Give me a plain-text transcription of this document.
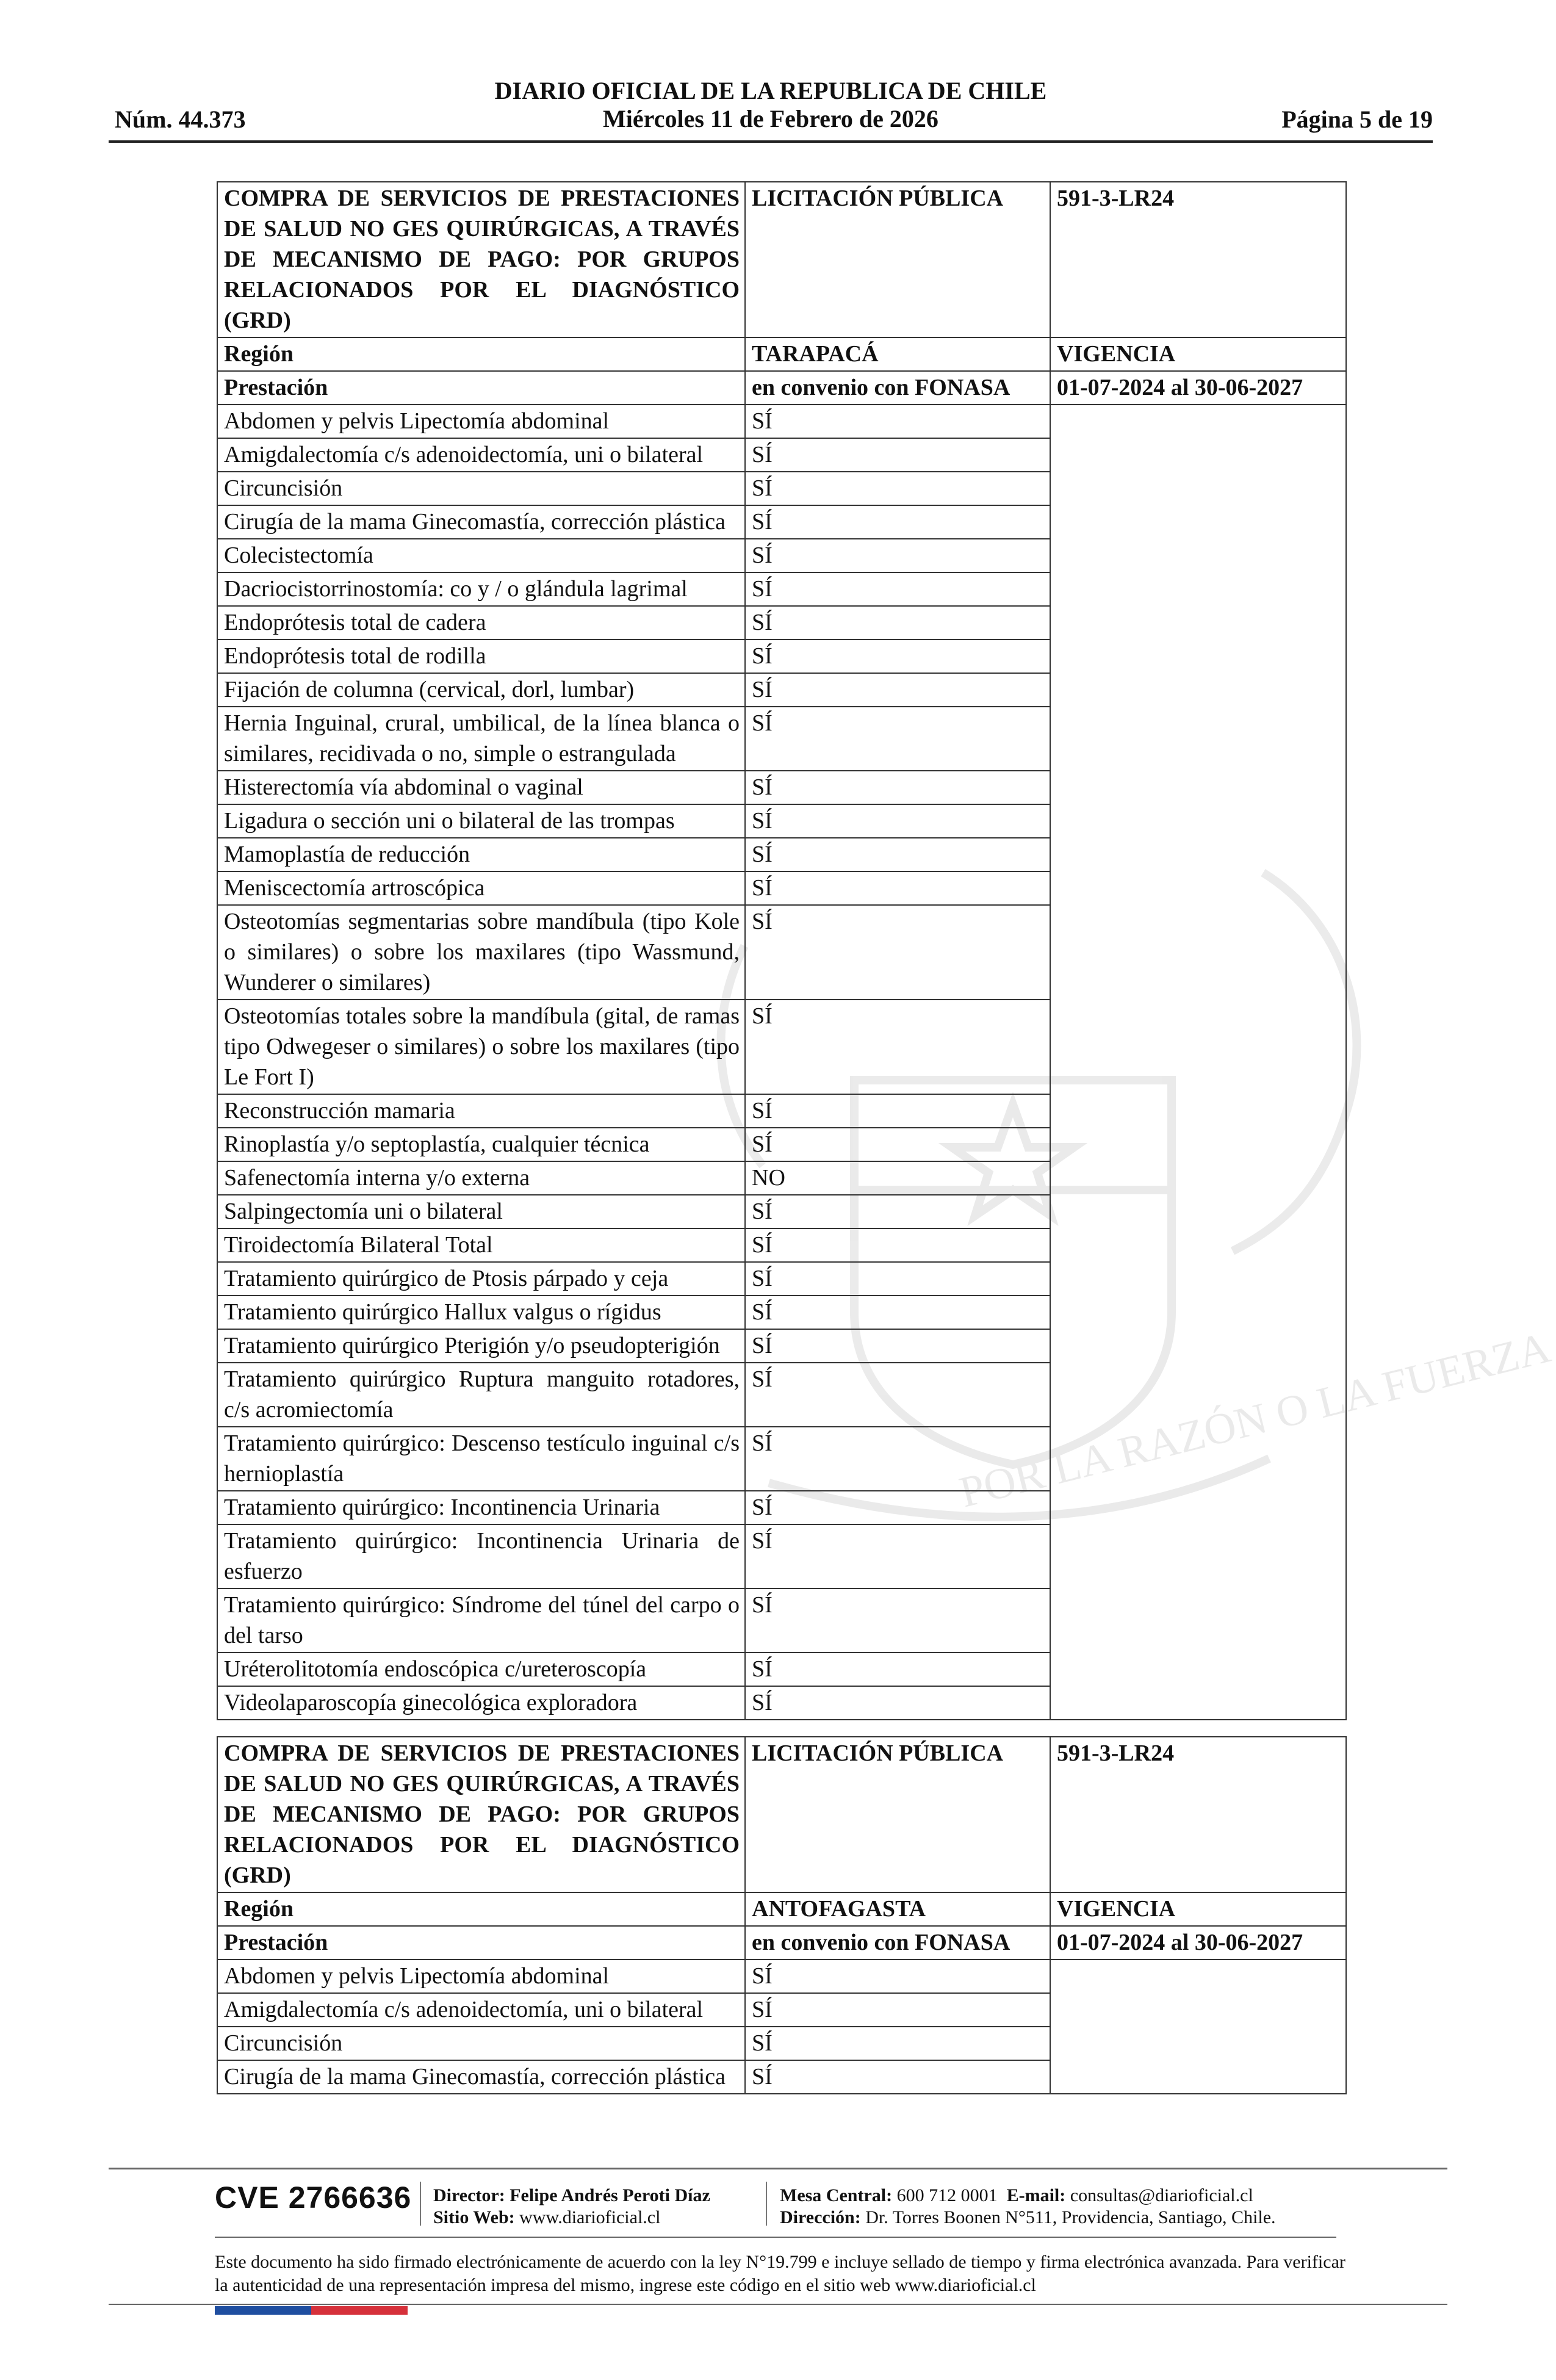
DIARIO OFICIAL DE LA REPUBLICA DE CHILE
Miércoles 11 de Febrero de 2026
Núm. 44.373	Página 5 de 19
POR LA RAZÓN O LA FUERZA
COMPRA DE SERVICIOS DE PRESTACIONES DE SALUD NO GES QUIRÚRGICAS, A TRAVÉS DE MECANISMO DE PAGO: POR GRUPOS RELACIONADOS POR EL DIAGNÓSTICO (GRD)	LICITACIÓN PÚBLICA	591-3-LR24
Región	TARAPACÁ	VIGENCIA
Prestación	en convenio con FONASA	01-07-2024 al 30-06-2027
Abdomen y pelvis Lipectomía abdominal	SÍ	
Amigdalectomía c/s adenoidectomía, uni o bilateral	SÍ	
Circuncisión	SÍ	
Cirugía de la mama Ginecomastía, corrección plástica	SÍ	
Colecistectomía	SÍ	
Dacriocistorrinostomía: co y / o glándula lagrimal	SÍ	
Endoprótesis total de cadera	SÍ	
Endoprótesis total de rodilla	SÍ	
Fijación de columna (cervical, dorl, lumbar)	SÍ	
Hernia Inguinal, crural, umbilical, de la línea blanca o similares, recidivada o no, simple o estrangulada	SÍ	
Histerectomía vía abdominal o vaginal	SÍ	
Ligadura o sección uni o bilateral de las trompas	SÍ	
Mamoplastía de reducción	SÍ	
Meniscectomía artroscópica	SÍ	
Osteotomías segmentarias sobre mandíbula (tipo Kole o similares) o sobre los maxilares (tipo Wassmund, Wunderer o similares)	SÍ	
Osteotomías totales sobre la mandíbula (gital, de ramas tipo Odwegeser o similares) o sobre los maxilares (tipo Le Fort I)	SÍ	
Reconstrucción mamaria	SÍ	
Rinoplastía y/o septoplastía, cualquier técnica	SÍ	
Safenectomía interna y/o externa	NO	
Salpingectomía uni o bilateral	SÍ	
Tiroidectomía Bilateral Total	SÍ	
Tratamiento quirúrgico de Ptosis párpado y ceja	SÍ	
Tratamiento quirúrgico Hallux valgus o rígidus	SÍ	
Tratamiento quirúrgico Pterigión y/o pseudopterigión	SÍ	
Tratamiento quirúrgico Ruptura manguito rotadores, c/s acromiectomía	SÍ	
Tratamiento quirúrgico: Descenso testículo inguinal c/s hernioplastía	SÍ	
Tratamiento quirúrgico: Incontinencia Urinaria	SÍ	
Tratamiento quirúrgico: Incontinencia Urinaria de esfuerzo	SÍ	
Tratamiento quirúrgico: Síndrome del túnel del carpo o del tarso	SÍ	
Uréterolitotomía endoscópica c/ureteroscopía	SÍ	
Videolaparoscopía ginecológica exploradora	SÍ	
COMPRA DE SERVICIOS DE PRESTACIONES DE SALUD NO GES QUIRÚRGICAS, A TRAVÉS DE MECANISMO DE PAGO: POR GRUPOS RELACIONADOS POR EL DIAGNÓSTICO (GRD)	LICITACIÓN PÚBLICA	591-3-LR24
Región	ANTOFAGASTA	VIGENCIA
Prestación	en convenio con FONASA	01-07-2024 al 30-06-2027
Abdomen y pelvis Lipectomía abdominal	SÍ	
Amigdalectomía c/s adenoidectomía, uni o bilateral	SÍ	
Circuncisión	SÍ	
Cirugía de la mama Ginecomastía, corrección plástica	SÍ	
CVE 2766636 Director: Felipe Andrés Peroti Díaz
Sitio Web: www.diarioficial.cl
Mesa Central: 600 712 0001 E-mail: consultas@diarioficial.cl
Dirección: Dr. Torres Boonen N°511, Providencia, Santiago, Chile.
Este documento ha sido firmado electrónicamente de acuerdo con la ley N°19.799 e incluye sellado de tiempo y firma electrónica avanzada. Para verificar la autenticidad de una representación impresa del mismo, ingrese este código en el sitio web www.diarioficial.cl
